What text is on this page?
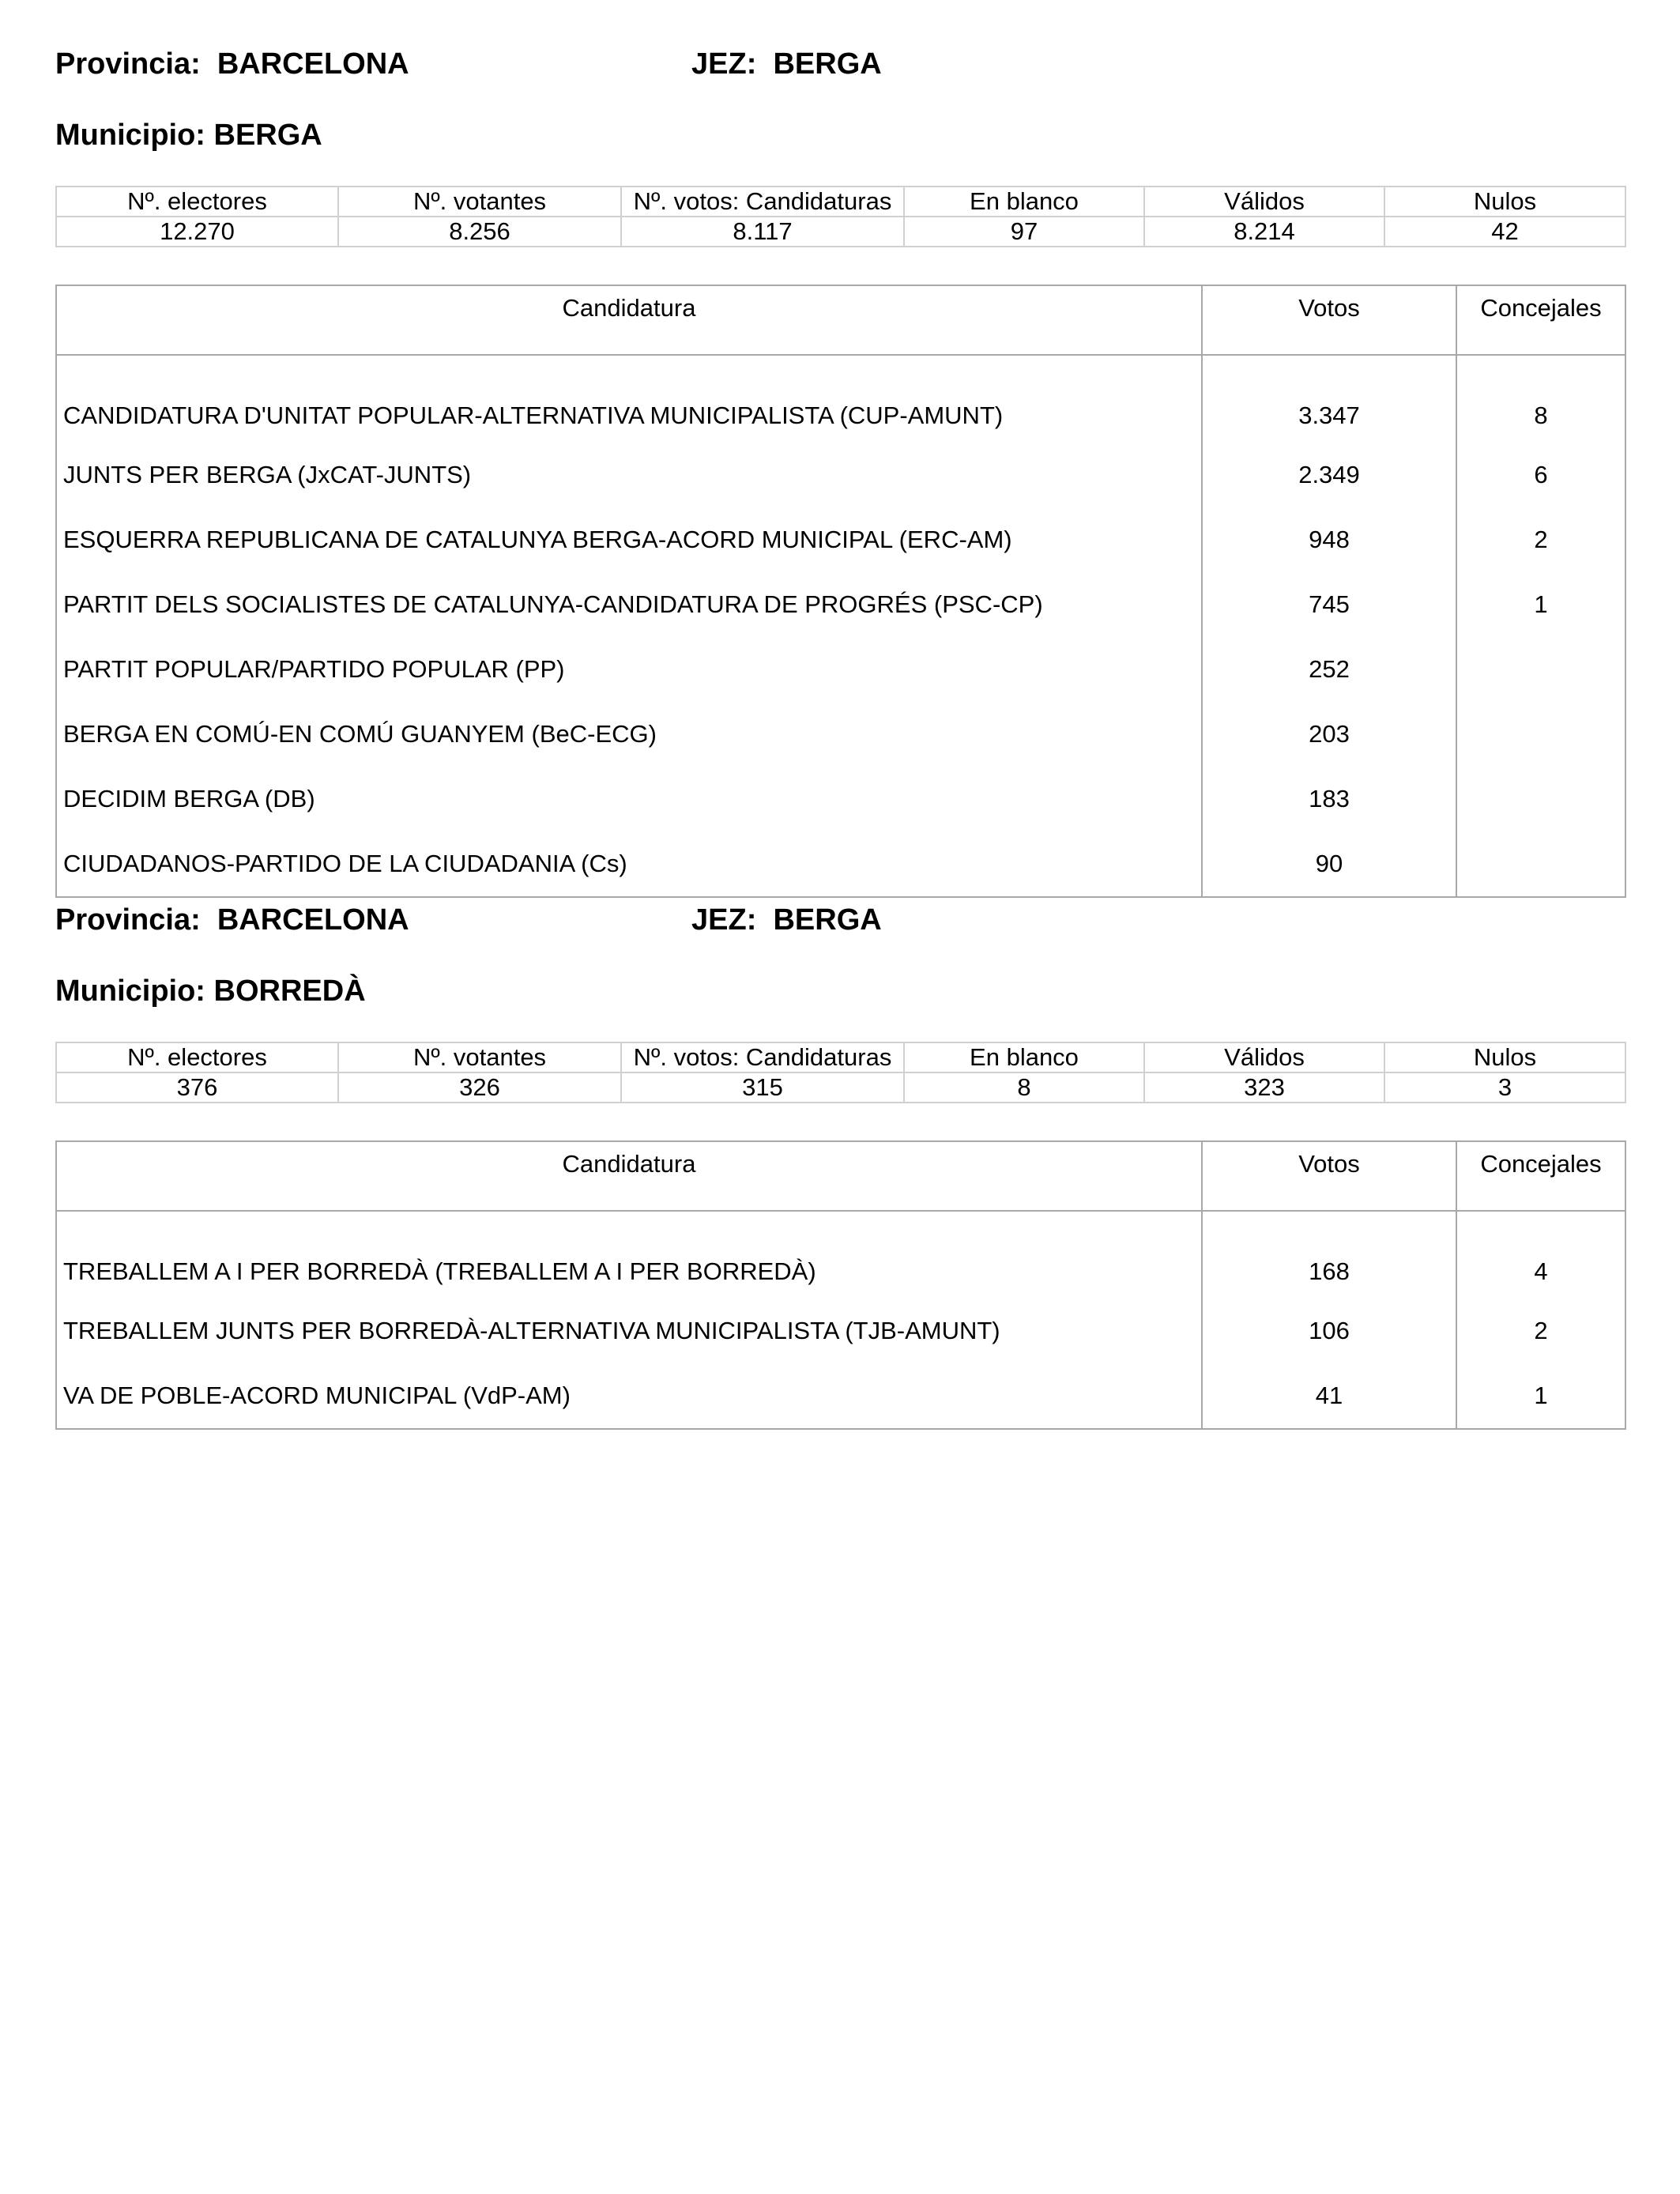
Provincia:  BARCELONA	JEZ:  BERGA
Municipio: BERGA
Nº. electores	Nº. votantes	Nº. votos: Candidaturas	En blanco	Válidos	Nulos
12.270	8.256	8.117	97	8.214	42
Candidatura	Votos	Concejales
CANDIDATURA D'UNITAT POPULAR-ALTERNATIVA MUNICIPALISTA (CUP-AMUNT)	3.347	8
JUNTS PER BERGA (JxCAT-JUNTS)	2.349	6
ESQUERRA REPUBLICANA DE CATALUNYA BERGA-ACORD MUNICIPAL (ERC-AM)	948	2
PARTIT DELS SOCIALISTES DE CATALUNYA-CANDIDATURA DE PROGRÉS (PSC-CP)	745	1
PARTIT POPULAR/PARTIDO POPULAR (PP)	252	
BERGA EN COMÚ-EN COMÚ GUANYEM (BeC-ECG)	203	
DECIDIM BERGA (DB)	183	
CIUDADANOS-PARTIDO DE LA CIUDADANIA (Cs)	90	
Provincia:  BARCELONA	JEZ:  BERGA
Municipio: BORREDÀ
Nº. electores	Nº. votantes	Nº. votos: Candidaturas	En blanco	Válidos	Nulos
376	326	315	8	323	3
Candidatura	Votos	Concejales
TREBALLEM A I PER BORREDÀ (TREBALLEM A I PER BORREDÀ)	168	4
TREBALLEM JUNTS PER BORREDÀ-ALTERNATIVA MUNICIPALISTA (TJB-AMUNT)	106	2
VA DE POBLE-ACORD MUNICIPAL (VdP-AM)	41	1
